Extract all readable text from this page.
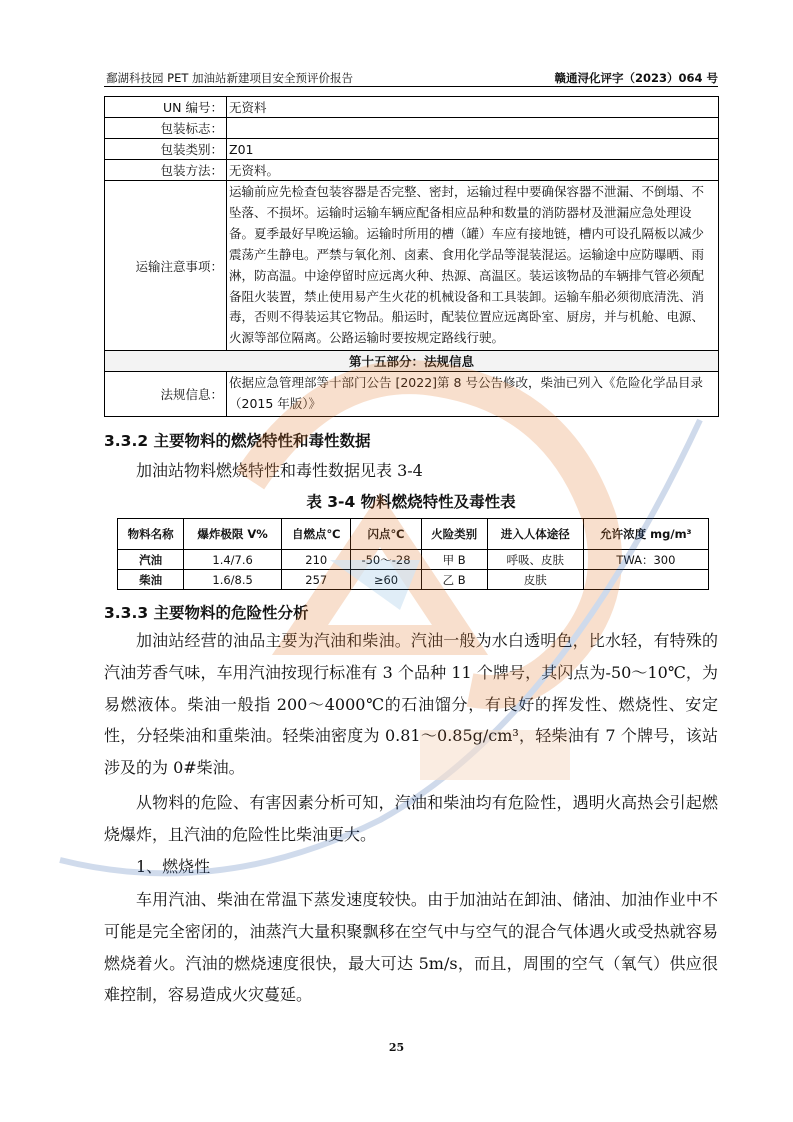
鄱湖科技园 PET 加油站新建项目安全预评价报告	赣通浔化评字（2023）064 号
UN 编号：	无资料
包装标志：	
包装类别：	Z01
包装方法：	无资料。
运输注意事项：	运输前应先检查包装容器是否完整、密封，运输过程中要确保容器不泄漏、不倒塌、不坠落、不损坏。运输时运输车辆应配备相应品种和数量的消防器材及泄漏应急处理设备。夏季最好早晚运输。运输时所用的槽（罐）车应有接地链，槽内可设孔隔板以减少震荡产生静电。严禁与氧化剂、卤素、食用化学品等混装混运。运输途中应防曝晒、雨淋，防高温。中途停留时应远离火种、热源、高温区。装运该物品的车辆排气管必须配备阻火装置，禁止使用易产生火花的机械设备和工具装卸。运输车船必须彻底清洗、消毒，否则不得装运其它物品。船运时，配装位置应远离卧室、厨房，并与机舱、电源、火源等部位隔离。公路运输时要按规定路线行驶。
第十五部分：法规信息	
法规信息：	依据应急管理部等十部门公告 [2022]第 8 号公告修改，柴油已列入《危险化学品目录（2015 年版）》
3.3.2 主要物料的燃烧特性和毒性数据
加油站物料燃烧特性和毒性数据见表 3-4
表 3-4 物料燃烧特性及毒性表
物料名称	爆炸极限 V%	自燃点℃	闪点℃	火险类别	进入人体途径	允许浓度 mg/m³
汽油	1.4/7.6	210	-50～-28	甲 B	呼吸、皮肤	TWA：300
柴油	1.6/8.5	257	≥60	乙 B	皮肤	
3.3.3 主要物料的危险性分析
加油站经营的油品主要为汽油和柴油。汽油一般为水白透明色，比水轻，有特殊的汽油芳香气味，车用汽油按现行标准有 3 个品种 11 个牌号，其闪点为-50～10℃，为易燃液体。柴油一般指 200～4000℃的石油馏分，有良好的挥发性、燃烧性、安定性，分轻柴油和重柴油。轻柴油密度为 0.81～0.85g/cm³，轻柴油有 7 个牌号，该站涉及的为 0#柴油。
从物料的危险、有害因素分析可知，汽油和柴油均有危险性，遇明火高热会引起燃烧爆炸，且汽油的危险性比柴油更大。
1、燃烧性
车用汽油、柴油在常温下蒸发速度较快。由于加油站在卸油、储油、加油作业中不可能是完全密闭的，油蒸汽大量积聚飘移在空气中与空气的混合气体遇火或受热就容易燃烧着火。汽油的燃烧速度很快，最大可达 5m/s，而且，周围的空气（氧气）供应很难控制，容易造成火灾蔓延。
25
